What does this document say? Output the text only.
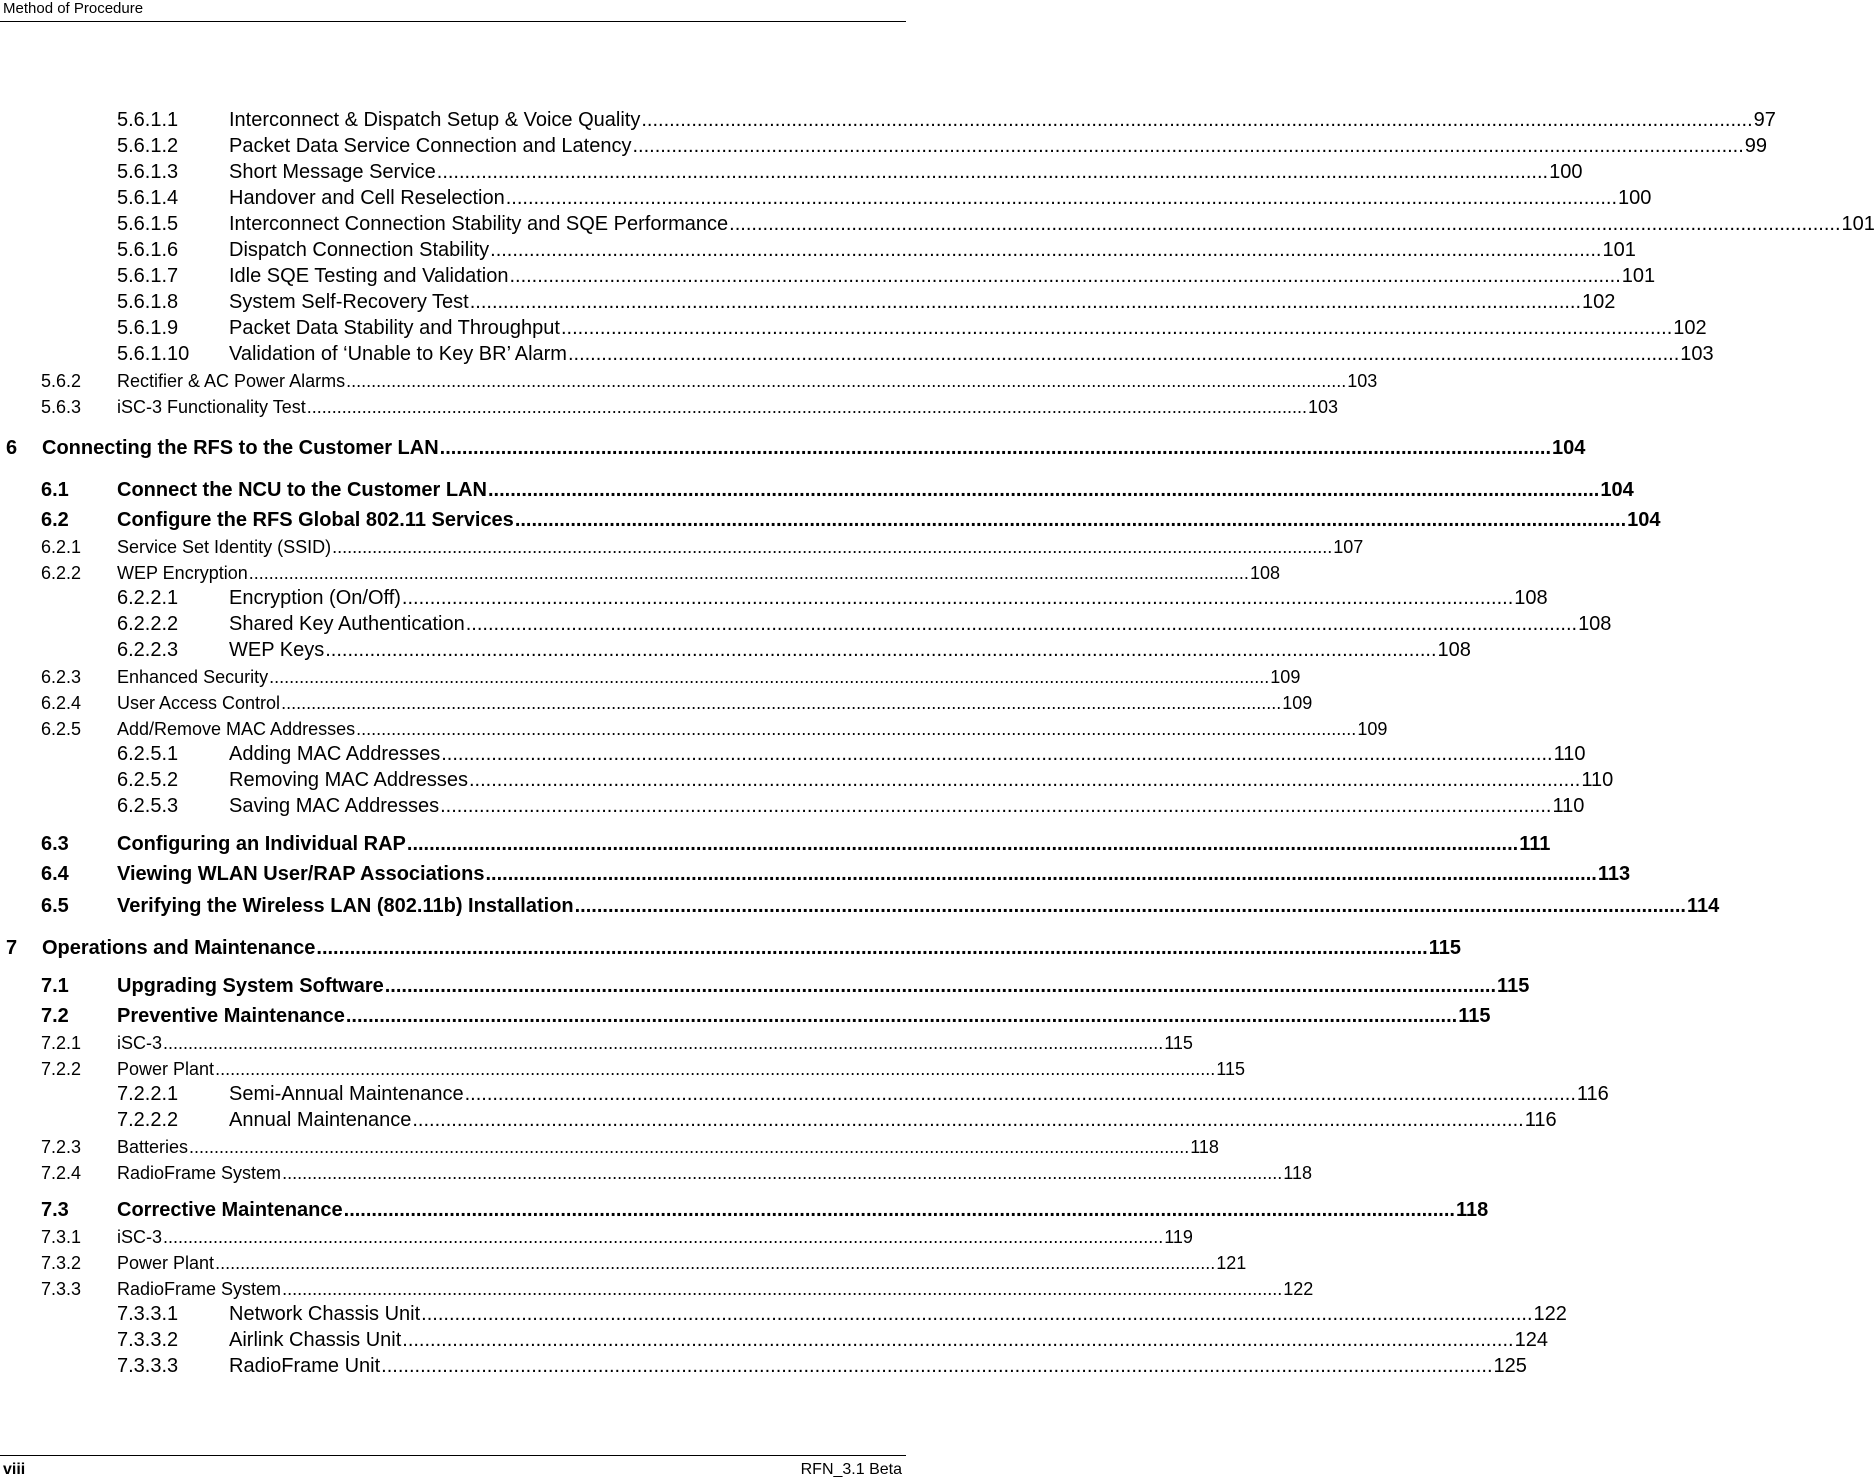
Method of Procedure
5.6.1.1	Interconnect & Dispatch Setup & Voice Quality ........................................................................................................................................................................................................ 97
5.6.1.2	Packet Data Service Connection and Latency ........................................................................................................................................................................................................ 99
5.6.1.3	Short Message Service ........................................................................................................................................................................................................ 100
5.6.1.4	Handover and Cell Reselection ........................................................................................................................................................................................................ 100
5.6.1.5	Interconnect Connection Stability and SQE Performance ........................................................................................................................................................................................................ 101
5.6.1.6	Dispatch Connection Stability ........................................................................................................................................................................................................ 101
5.6.1.7	Idle SQE Testing and Validation ........................................................................................................................................................................................................ 101
5.6.1.8	System Self-Recovery Test ........................................................................................................................................................................................................ 102
5.6.1.9	Packet Data Stability and Throughput ........................................................................................................................................................................................................ 102
5.6.1.10 Validation of ‘Unable to Key BR’ Alarm ........................................................................................................................................................................................................ 103
5.6.2 Rectifier & AC Power Alarms ........................................................................................................................................................................................................ 103
5.6.3 iSC-3 Functionality Test ........................................................................................................................................................................................................ 103
6 Connecting the RFS to the Customer LAN ........................................................................................................................................................................................................ 104
6.1 Connect the NCU to the Customer LAN ........................................................................................................................................................................................................ 104
6.2 Configure the RFS Global 802.11 Services ........................................................................................................................................................................................................ 104
6.2.1 Service Set Identity (SSID) ........................................................................................................................................................................................................ 107
6.2.2 WEP Encryption ........................................................................................................................................................................................................ 108
6.2.2.1	Encryption (On/Off) ........................................................................................................................................................................................................ 108
6.2.2.2	Shared Key Authentication ........................................................................................................................................................................................................ 108
6.2.2.3	WEP Keys ........................................................................................................................................................................................................ 108
6.2.3 Enhanced Security ........................................................................................................................................................................................................ 109
6.2.4 User Access Control ........................................................................................................................................................................................................ 109
6.2.5 Add/Remove MAC Addresses ........................................................................................................................................................................................................ 109
6.2.5.1	Adding MAC Addresses ........................................................................................................................................................................................................ 110
6.2.5.2	Removing MAC Addresses ........................................................................................................................................................................................................ 110
6.2.5.3	Saving MAC Addresses ........................................................................................................................................................................................................ 110
6.3 Configuring an Individual RAP ........................................................................................................................................................................................................ 111
6.4 Viewing WLAN User/RAP Associations ........................................................................................................................................................................................................ 113
6.5 Verifying the Wireless LAN (802.11b) Installation ........................................................................................................................................................................................................ 114
7 Operations and Maintenance ........................................................................................................................................................................................................ 115
7.1 Upgrading System Software ........................................................................................................................................................................................................ 115
7.2 Preventive Maintenance ........................................................................................................................................................................................................ 115
7.2.1 iSC-3 ........................................................................................................................................................................................................ 115
7.2.2 Power Plant ........................................................................................................................................................................................................ 115
7.2.2.1	Semi-Annual Maintenance ........................................................................................................................................................................................................ 116
7.2.2.2	Annual Maintenance ........................................................................................................................................................................................................ 116
7.2.3 Batteries ........................................................................................................................................................................................................ 118
7.2.4 RadioFrame System ........................................................................................................................................................................................................ 118
7.3 Corrective Maintenance ........................................................................................................................................................................................................ 118
7.3.1 iSC-3 ........................................................................................................................................................................................................ 119
7.3.2 Power Plant ........................................................................................................................................................................................................ 121
7.3.3 RadioFrame System ........................................................................................................................................................................................................ 122
7.3.3.1	Network Chassis Unit ........................................................................................................................................................................................................ 122
7.3.3.2	Airlink Chassis Unit ........................................................................................................................................................................................................ 124
7.3.3.3	RadioFrame Unit ........................................................................................................................................................................................................ 125
viii	RFN_3.1 Beta
